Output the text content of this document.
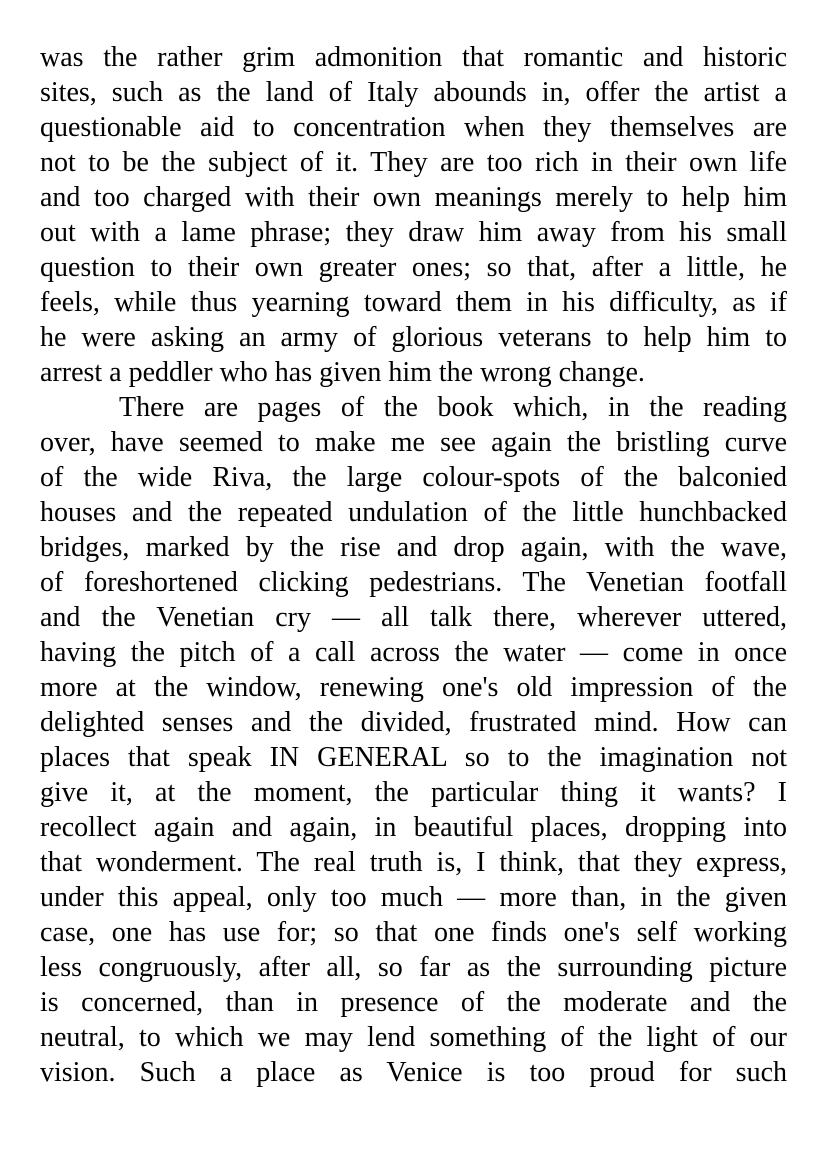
was the rather grim admonition that romantic and historic
sites, such as the land of Italy abounds in, offer the artist a
questionable aid to concentration when they themselves are
not to be the subject of it. They are too rich in their own life
and too charged with their own meanings merely to help him
out with a lame phrase; they draw him away from his small
question to their own greater ones; so that, after a little, he
feels, while thus yearning toward them in his difficulty, as if
he were asking an army of glorious veterans to help him to
arrest a peddler who has given him the wrong change.
There are pages of the book which, in the reading
over, have seemed to make me see again the bristling curve
of the wide Riva, the large colour-spots of the balconied
houses and the repeated undulation of the little hunchbacked
bridges, marked by the rise and drop again, with the wave,
of foreshortened clicking pedestrians. The Venetian footfall
and the Venetian cry — all talk there, wherever uttered,
having the pitch of a call across the water — come in once
more at the window, renewing one's old impression of the
delighted senses and the divided, frustrated mind. How can
places that speak IN GENERAL so to the imagination not
give it, at the moment, the particular thing it wants? I
recollect again and again, in beautiful places, dropping into
that wonderment. The real truth is, I think, that they express,
under this appeal, only too much — more than, in the given
case, one has use for; so that one finds one's self working
less congruously, after all, so far as the surrounding picture
is concerned, than in presence of the moderate and the
neutral, to which we may lend something of the light of our
vision. Such a place as Venice is too proud for such
